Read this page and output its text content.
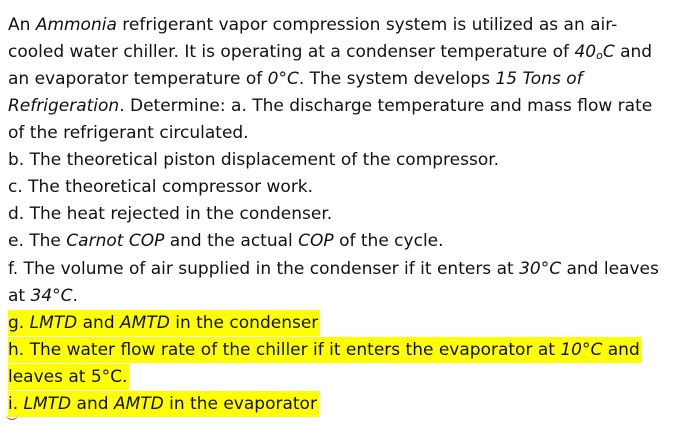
An Ammonia refrigerant vapor compression system is utilized as an air-
cooled water chiller. It is operating at a condenser temperature of 40oC and
an evaporator temperature of 0°C. The system develops 15 Tons of
Refrigeration. Determine: a. The discharge temperature and mass flow rate
of the refrigerant circulated.
b. The theoretical piston displacement of the compressor.
c. The theoretical compressor work.
d. The heat rejected in the condenser.
e. The Carnot COP and the actual COP of the cycle.
f. The volume of air supplied in the condenser if it enters at 30°C and leaves
at 34°C.
g. LMTD and AMTD in the condenser
h. The water flow rate of the chiller if it enters the evaporator at 10°C and
leaves at 5°C.
i. LMTD and AMTD in the evaporator
